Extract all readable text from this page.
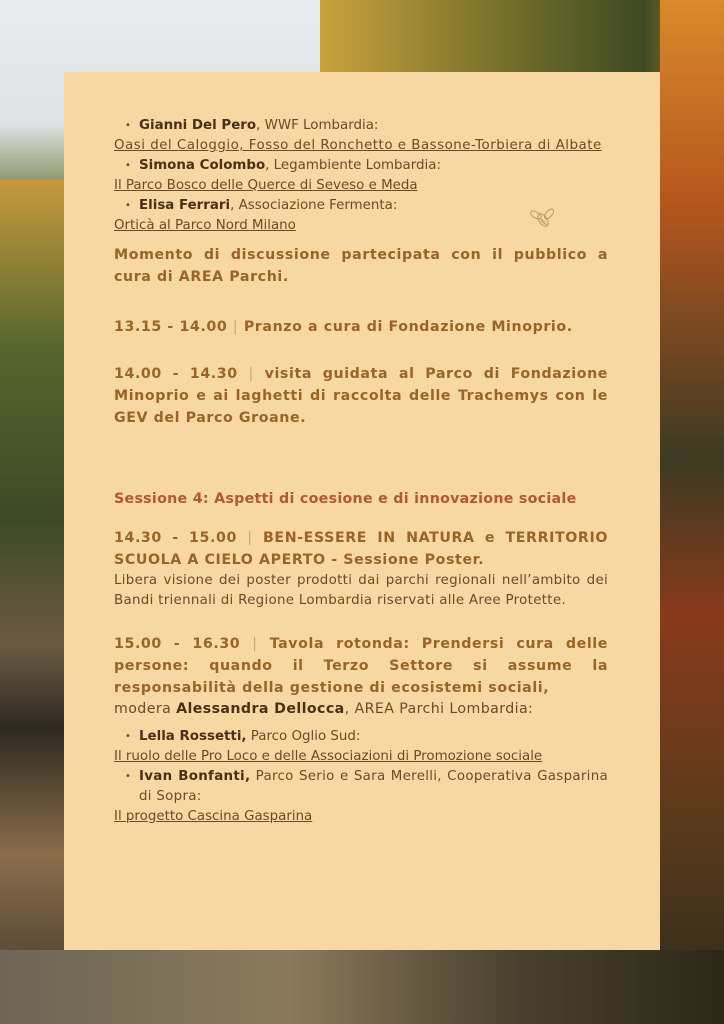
• Gianni Del Pero, WWF Lombardia:
Oasi del Caloggio, Fosso del Ronchetto e Bassone-Torbiera di Albate
• Simona Colombo, Legambiente Lombardia:
Il Parco Bosco delle Querce di Seveso e Meda
• Elisa Ferrari, Associazione Fermenta:
Orticà al Parco Nord Milano
Momento di discussione partecipata con il pubblico a cura di AREA Parchi.
13.15 - 14.00 | Pranzo a cura di Fondazione Minoprio.
14.00 - 14.30 | visita guidata al Parco di Fondazione Minoprio e ai laghetti di raccolta delle Trachemys con le GEV del Parco Groane.
Sessione 4: Aspetti di coesione e di innovazione sociale
14.30 - 15.00 | BEN-ESSERE IN NATURA e TERRITORIO SCUOLA A CIELO APERTO - Sessione Poster.
Libera visione dei poster prodotti dai parchi regionali nell’ambito dei Bandi triennali di Regione Lombardia riservati alle Aree Protette.
15.00 - 16.30 | Tavola rotonda: Prendersi cura delle persone: quando il Terzo Settore si assume la responsabilità della gestione di ecosistemi sociali,
modera Alessandra Dellocca, AREA Parchi Lombardia:
• Lella Rossetti, Parco Oglio Sud:
Il ruolo delle Pro Loco e delle Associazioni di Promozione sociale
• Ivan Bonfanti, Parco Serio e Sara Merelli, Cooperativa Gasparina di Sopra:
Il progetto Cascina Gasparina
